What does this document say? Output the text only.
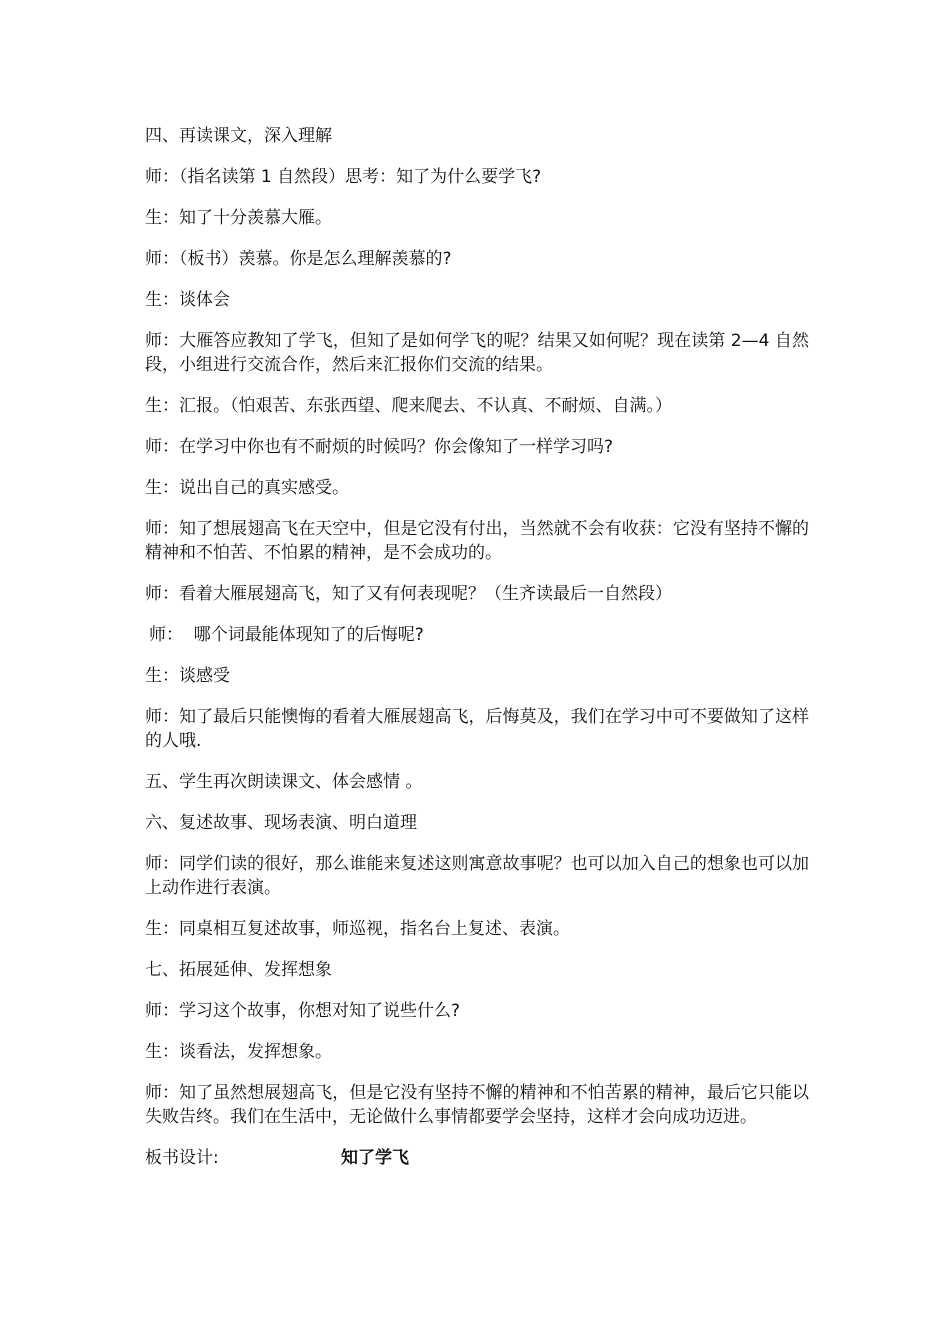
四、再读课文，深入理解

师：（指名读第 1 自然段）思考：知了为什么要学飞?

生：知了十分羡慕大雁。

师：（板书）羡慕。你是怎么理解羡慕的?

生：谈体会

师：大雁答应教知了学飞，但知了是如何学飞的呢？结果又如何呢？现在读第 2—4 自然段，小组进行交流合作，然后来汇报你们交流的结果。

生：汇报。（怕艰苦、东张西望、爬来爬去、不认真、不耐烦、自满。）

师：在学习中你也有不耐烦的时候吗？你会像知了一样学习吗?

生：说出自己的真实感受。

师：知了想展翅高飞在天空中，但是它没有付出，当然就不会有收获：它没有坚持不懈的精神和不怕苦、不怕累的精神，是不会成功的。

师：看着大雁展翅高飞，知了又有何表现呢？（生齐读最后一自然段）

师：  哪个词最能体现知了的后悔呢?

生：谈感受

师：知了最后只能懊悔的看着大雁展翅高飞，后悔莫及，我们在学习中可不要做知了这样的人哦.

五、学生再次朗读课文、体会感情 。

六、复述故事、现场表演、明白道理

师：同学们读的很好，那么谁能来复述这则寓意故事呢？也可以加入自己的想象也可以加上动作进行表演。

生：同桌相互复述故事，师巡视，指名台上复述、表演。

七、拓展延伸、发挥想象

师：学习这个故事，你想对知了说些什么?

生：谈看法，发挥想象。

师：知了虽然想展翅高飞，但是它没有坚持不懈的精神和不怕苦累的精神，最后它只能以失败告终。我们在生活中，无论做什么事情都要学会坚持，这样才会向成功迈进。

板书设计:	知了学飞
